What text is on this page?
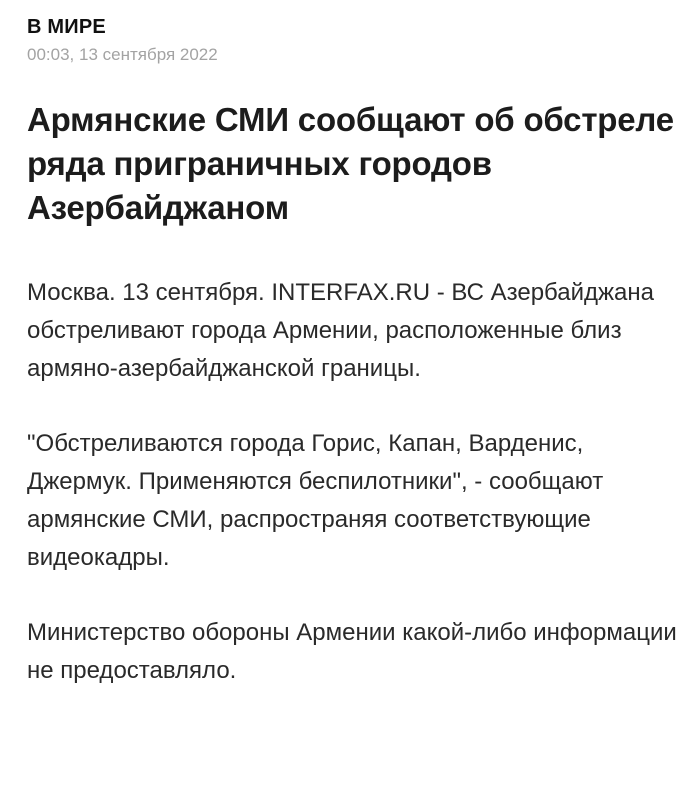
В МИРЕ
00:03, 13 сентября 2022
Армянские СМИ сообщают об обстреле ряда приграничных городов Азербайджаном

Москва. 13 сентября. INTERFAX.RU - ВС Азербайджана обстреливают города Армении, расположенные близ армяно-азербайджанской границы.

"Обстреливаются города Горис, Капан, Варденис, Джермук. Применяются беспилотники", - сообщают армянские СМИ, распространяя соответствующие видеокадры.

Министерство обороны Армении какой-либо информации не предоставляло.
